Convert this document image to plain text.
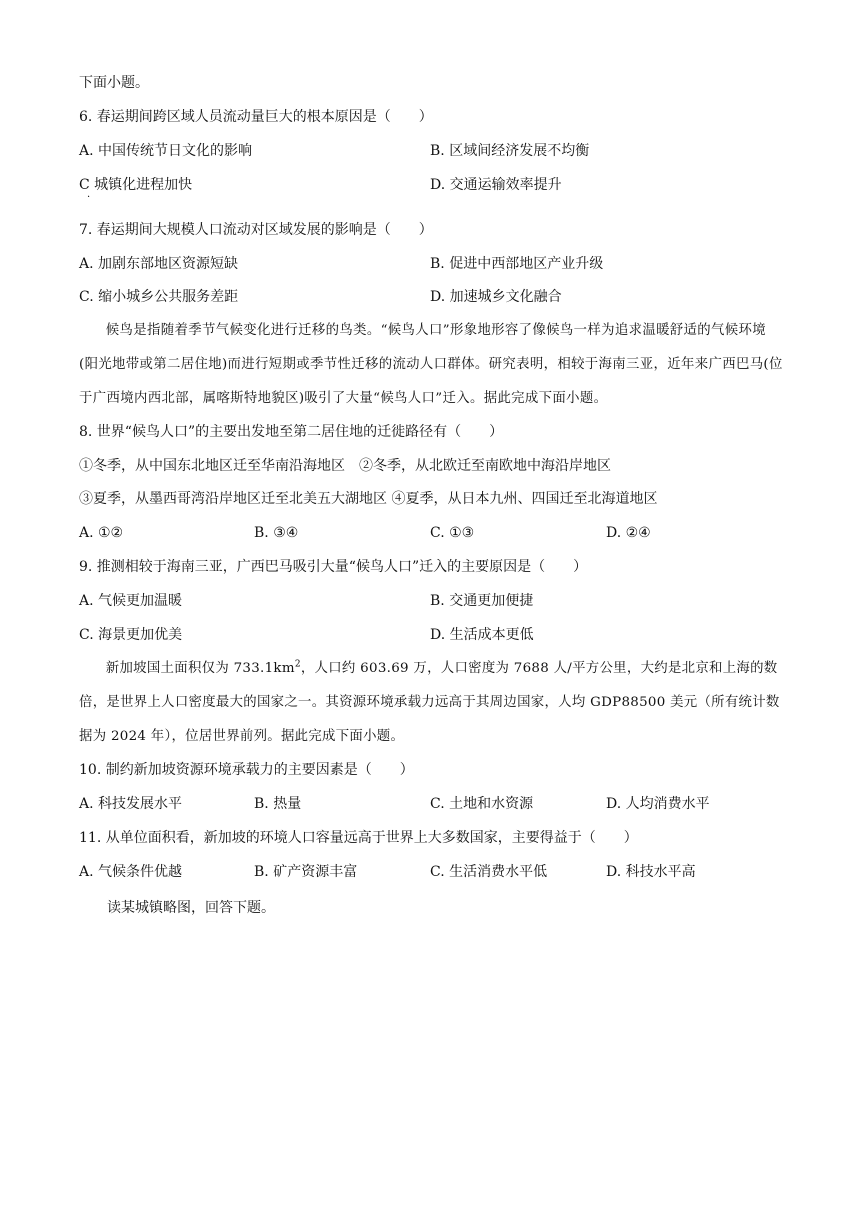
下面小题。
6. 春运期间跨区域人员流动量巨大的根本原因是（　　）
A. 中国传统节日文化的影响	B. 区域间经济发展不均衡
C 城镇化进程加快
·
D. 交通运输效率提升
7. 春运期间大规模人口流动对区域发展的影响是（　　）
A. 加剧东部地区资源短缺	B. 促进中西部地区产业升级
C. 缩小城乡公共服务差距	D. 加速城乡文化融合
候鸟是指随着季节气候变化进行迁移的鸟类。“候鸟人口”形象地形容了像候鸟一样为追求温暖舒适的气候环境(阳光地带或第二居住地)而进行短期或季节性迁移的流动人口群体。研究表明，相较于海南三亚，近年来广西巴马(位于广西境内西北部，属喀斯特地貌区)吸引了大量“候鸟人口”迁入。据此完成下面小题。
8. 世界“候鸟人口”的主要出发地至第二居住地的迁徙路径有（　　）
①冬季，从中国东北地区迁至华南沿海地区　②冬季，从北欧迁至南欧地中海沿岸地区
③夏季，从墨西哥湾沿岸地区迁至北美五大湖地区 ④夏季，从日本九州、四国迁至北海道地区
A. ①②	B. ③④	C. ①③	D. ②④
9. 推测相较于海南三亚，广西巴马吸引大量“候鸟人口”迁入的主要原因是（　　）
A. 气候更加温暖	B. 交通更加便捷
C. 海景更加优美	D. 生活成本更低
新加坡国土面积仅为 $733.1km^2$，人口约 603.69 万，人口密度为 7688 人/平方公里，大约是北京和上海的数倍，是世界上人口密度最大的国家之一。其资源环境承载力远高于其周边国家，人均 GDP88500 美元（所有统计数据为 2024 年），位居世界前列。据此完成下面小题。
10. 制约新加坡资源环境承载力的主要因素是（　　）
A. 科技发展水平	B. 热量	C. 土地和水资源	D. 人均消费水平
11. 从单位面积看，新加坡的环境人口容量远高于世界上大多数国家，主要得益于（　　）
A. 气候条件优越	B. 矿产资源丰富	C. 生活消费水平低	D. 科技水平高
读某城镇略图，回答下题。
